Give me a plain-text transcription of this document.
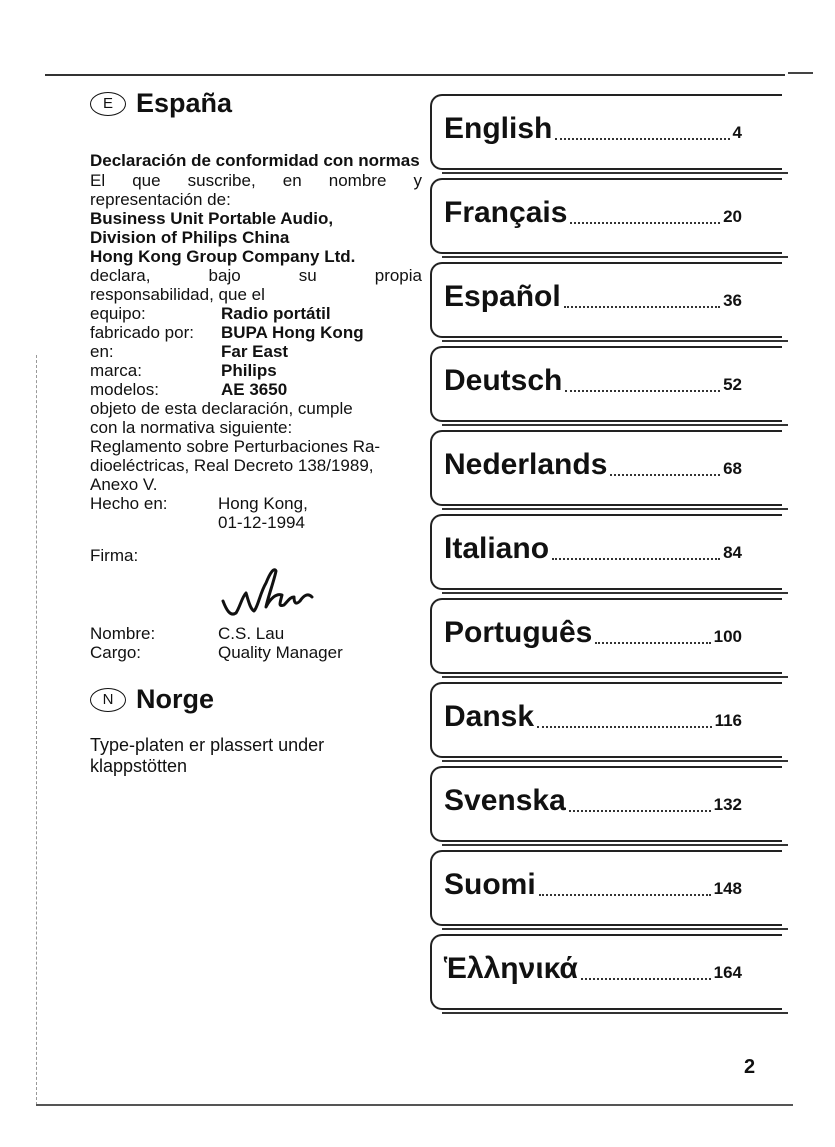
E España
Declaración de conformidad con normas
El que suscribe, en nombre y
representación de:
Business Unit Portable Audio,
Division of Philips China
Hong Kong Group Company Ltd.
declara,	bajo	su	propia
responsabilidad, que el
equipo:	Radio portátil
fabricado por:	BUPA Hong Kong
en:	Far East
marca:	Philips
modelos:	AE 3650
objeto de esta declaración, cumple
con la normativa siguiente:
Reglamento sobre Perturbaciones Ra-
dioeléctricas, Real Decreto 138/1989,
Anexo V.
Hecho en:	Hong Kong,
01-12-1994
Firma:
Nombre:	C.S. Lau
Cargo:	Quality Manager
N Norge
Type-platen er plassert under
klappstötten
English	4
Français	20
Español	36
Deutsch	52
Nederlands	68
Italiano	84
Português	100
Dansk	116
Svenska	132
Suomi	148
Ἑλληνικά	164
2
